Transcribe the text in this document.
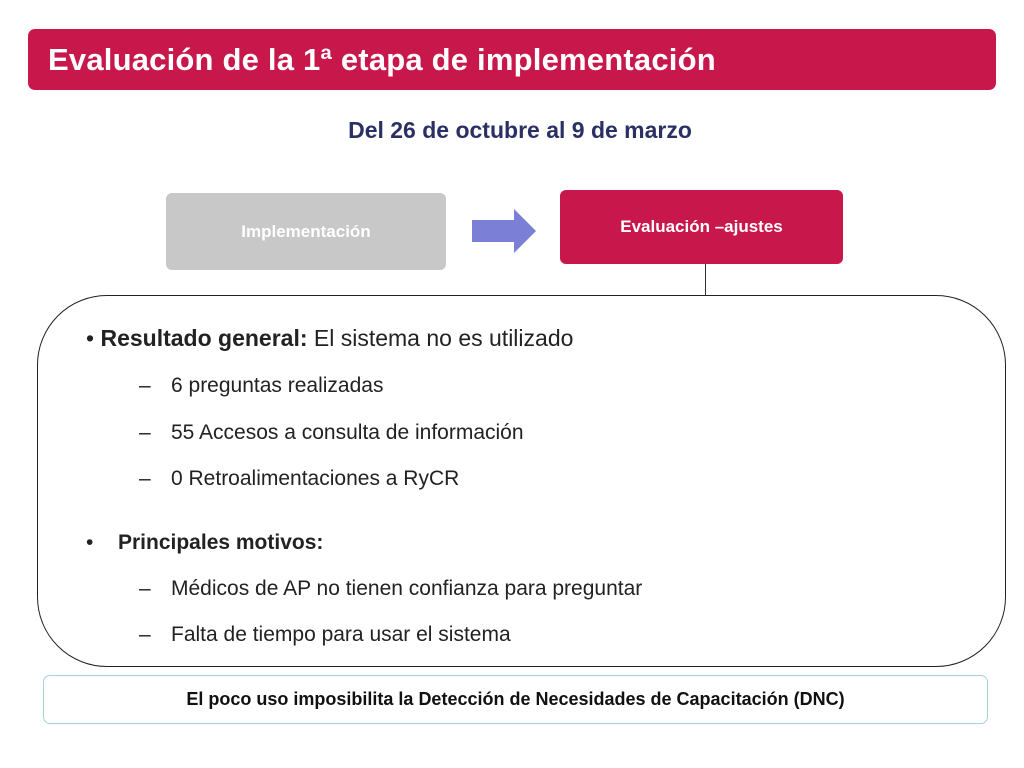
Evaluación de la 1ª etapa de implementación
Del 26 de octubre al 9 de marzo
Implementación	Evaluación –ajustes
• Resultado general: El sistema no es utilizado
– 6 preguntas realizadas
– 55 Accesos a consulta de información
– 0 Retroalimentaciones a RyCR
• Principales motivos:
– Médicos de AP no tienen confianza para preguntar
– Falta de tiempo para usar el sistema
El poco uso imposibilita la Detección de Necesidades de Capacitación (DNC)
